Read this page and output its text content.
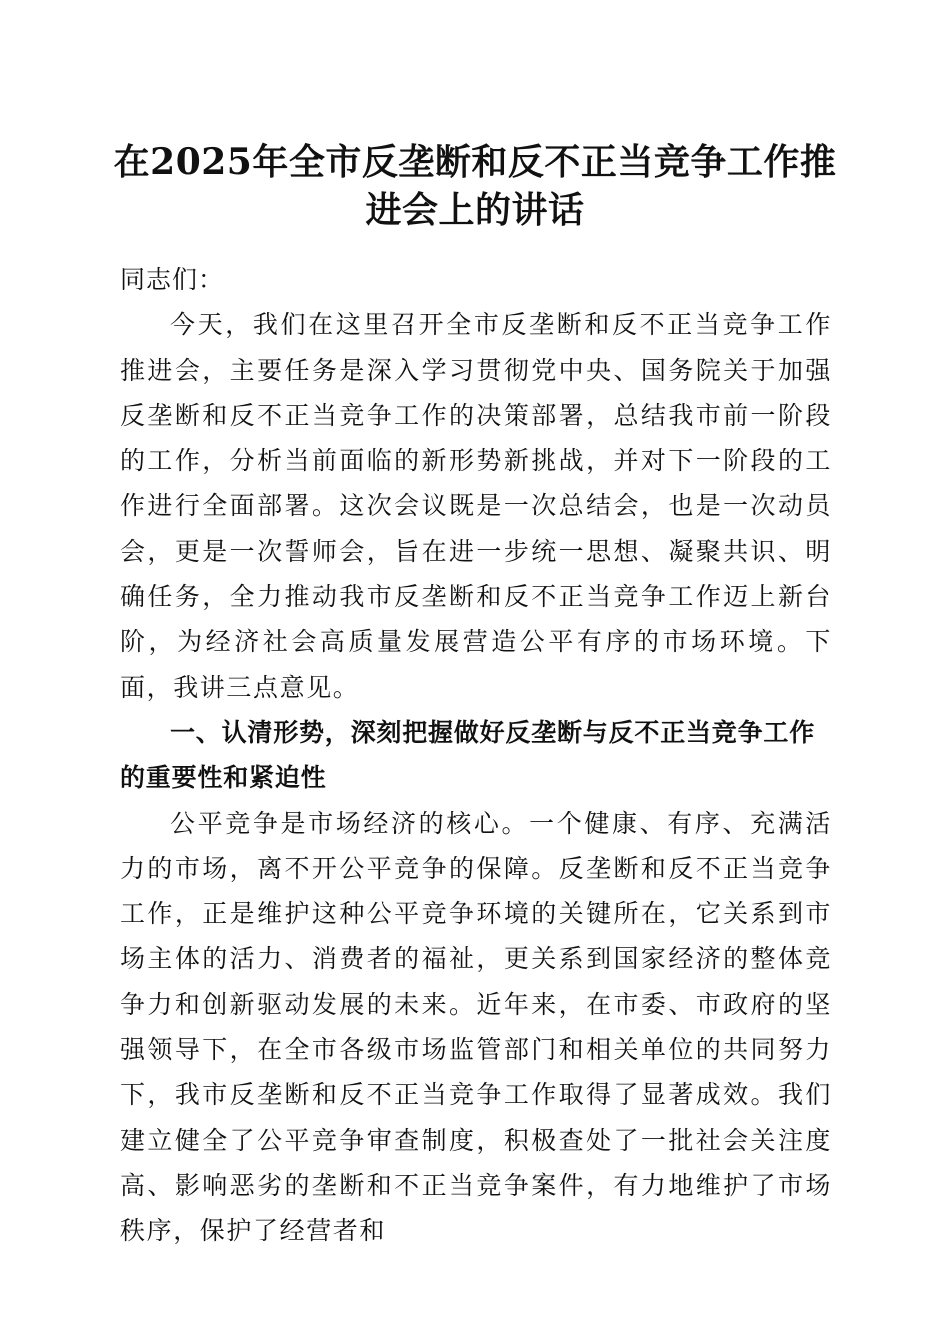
在2025年全市反垄断和反不正当竞争工作推
进会上的讲话

同志们：

今天，我们在这里召开全市反垄断和反不正当竞争工作推进会，主要任务是深入学习贯彻党中央、国务院关于加强反垄断和反不正当竞争工作的决策部署，总结我市前一阶段的工作，分析当前面临的新形势新挑战，并对下一阶段的工作进行全面部署。这次会议既是一次总结会，也是一次动员会，更是一次誓师会，旨在进一步统一思想、凝聚共识、明确任务，全力推动我市反垄断和反不正当竞争工作迈上新台阶，为经济社会高质量发展营造公平有序的市场环境。下面，我讲三点意见。

一、认清形势，深刻把握做好反垄断与反不正当竞争工作的重要性和紧迫性

公平竞争是市场经济的核心。一个健康、有序、充满活力的市场，离不开公平竞争的保障。反垄断和反不正当竞争工作，正是维护这种公平竞争环境的关键所在，它关系到市场主体的活力、消费者的福祉，更关系到国家经济的整体竞争力和创新驱动发展的未来。近年来，在市委、市政府的坚强领导下，在全市各级市场监管部门和相关单位的共同努力下，我市反垄断和反不正当竞争工作取得了显著成效。我们建立健全了公平竞争审查制度，积极查处了一批社会关注度高、影响恶劣的垄断和不正当竞争案件，有力地维护了市场秩序，保护了经营者和
